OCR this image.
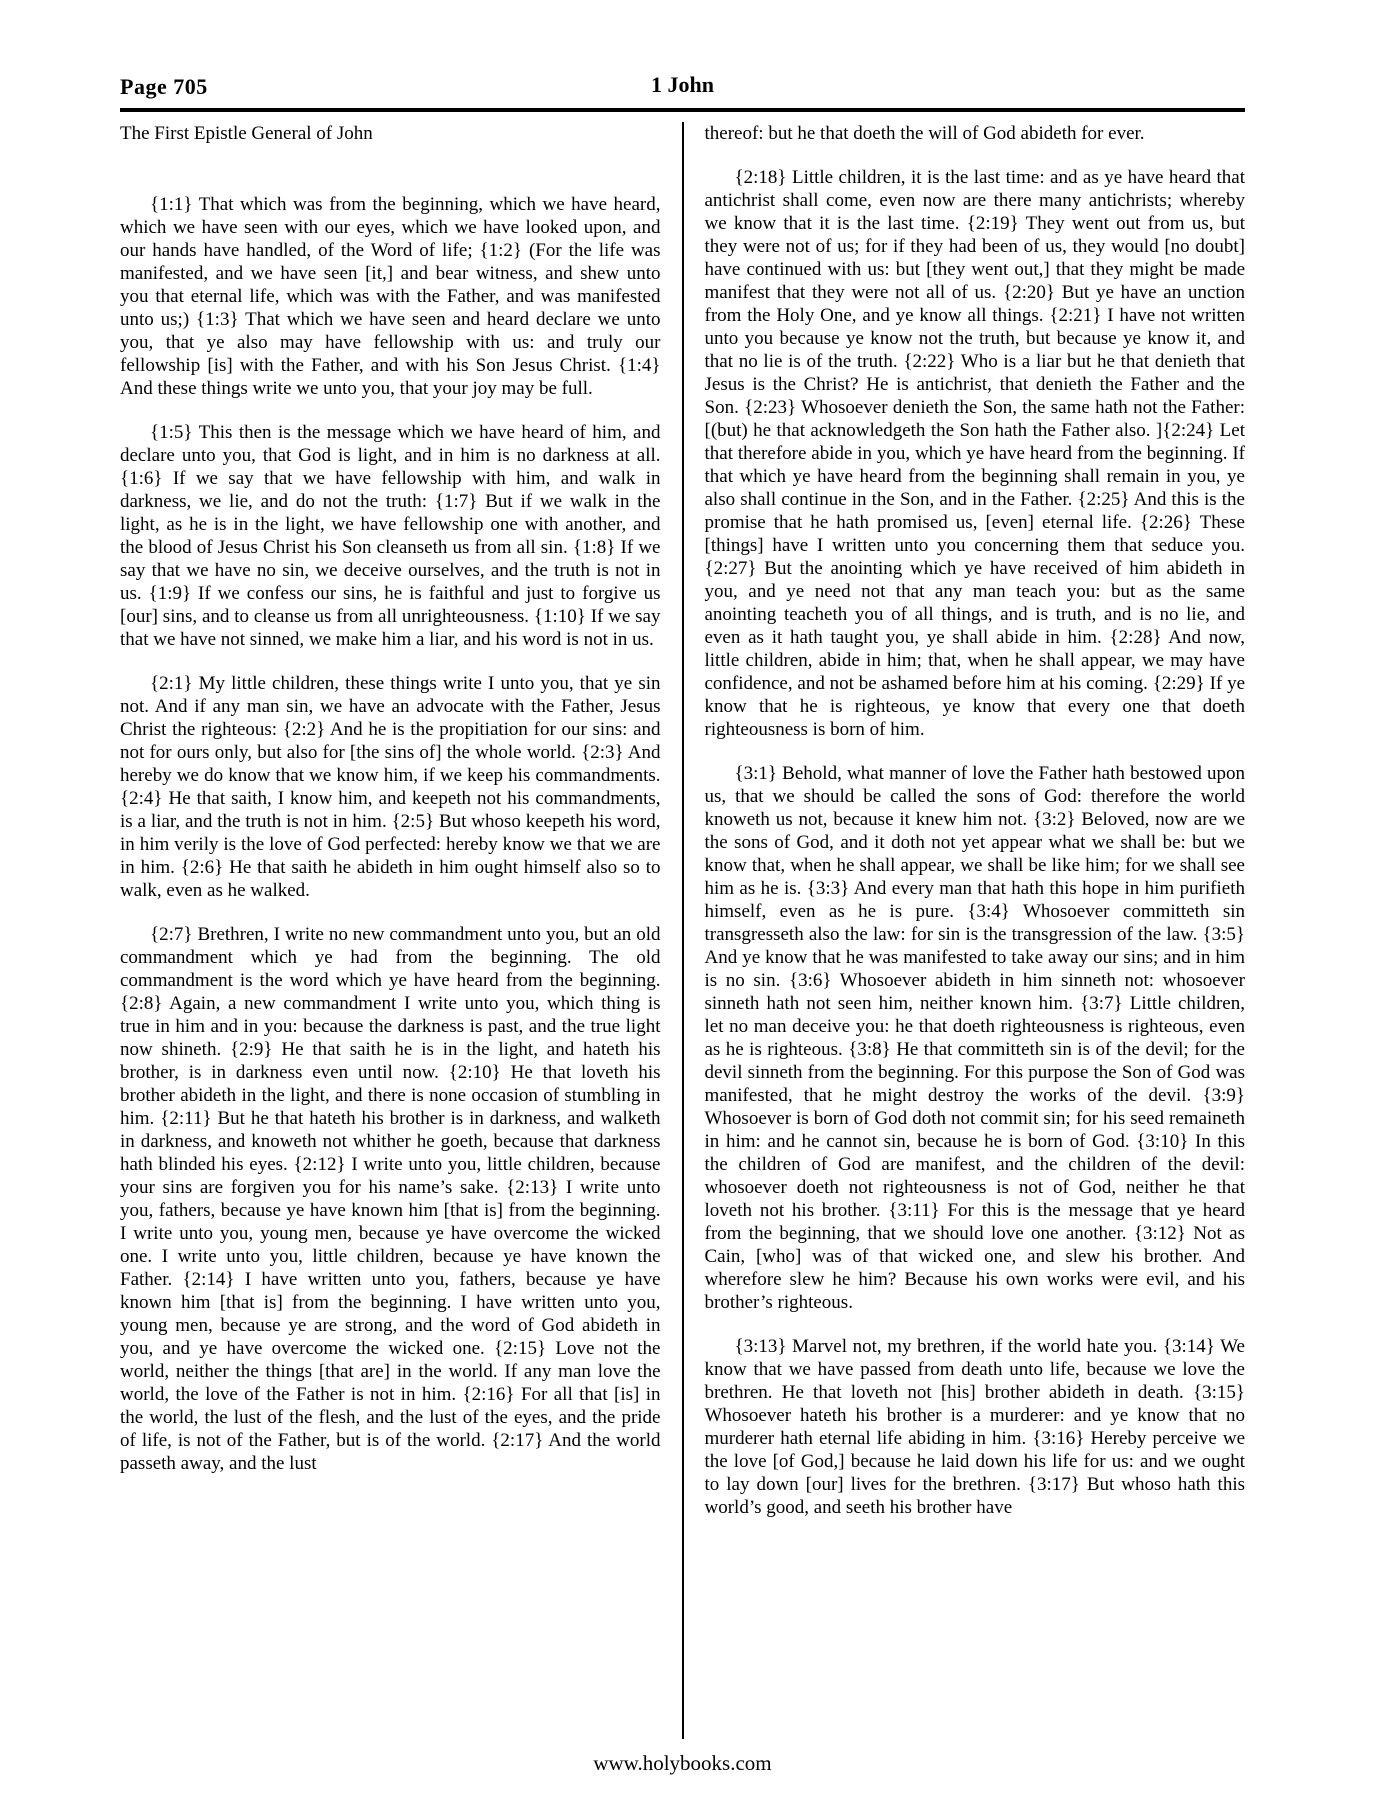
Page 705	1 John

The First Epistle General of John

{1:1} That which was from the beginning, which we have heard, which we have seen with our eyes, which we have looked upon, and our hands have handled, of the Word of life; {1:2} (For the life was manifested, and we have seen [it,] and bear witness, and shew unto you that eternal life, which was with the Father, and was manifested unto us;) {1:3} That which we have seen and heard declare we unto you, that ye also may have fellowship with us: and truly our fellowship [is] with the Father, and with his Son Jesus Christ. {1:4} And these things write we unto you, that your joy may be full.

{1:5} This then is the message which we have heard of him, and declare unto you, that God is light, and in him is no darkness at all. {1:6} If we say that we have fellowship with him, and walk in darkness, we lie, and do not the truth: {1:7} But if we walk in the light, as he is in the light, we have fellowship one with another, and the blood of Jesus Christ his Son cleanseth us from all sin. {1:8} If we say that we have no sin, we deceive ourselves, and the truth is not in us. {1:9} If we confess our sins, he is faithful and just to forgive us [our] sins, and to cleanse us from all unrighteousness. {1:10} If we say that we have not sinned, we make him a liar, and his word is not in us.

{2:1} My little children, these things write I unto you, that ye sin not. And if any man sin, we have an advocate with the Father, Jesus Christ the righteous: {2:2} And he is the propitiation for our sins: and not for ours only, but also for [the sins of] the whole world. {2:3} And hereby we do know that we know him, if we keep his commandments. {2:4} He that saith, I know him, and keepeth not his commandments, is a liar, and the truth is not in him. {2:5} But whoso keepeth his word, in him verily is the love of God perfected: hereby know we that we are in him. {2:6} He that saith he abideth in him ought himself also so to walk, even as he walked.

{2:7} Brethren, I write no new commandment unto you, but an old commandment which ye had from the beginning. The old commandment is the word which ye have heard from the beginning. {2:8} Again, a new commandment I write unto you, which thing is true in him and in you: because the darkness is past, and the true light now shineth. {2:9} He that saith he is in the light, and hateth his brother, is in darkness even until now. {2:10} He that loveth his brother abideth in the light, and there is none occasion of stumbling in him. {2:11} But he that hateth his brother is in darkness, and walketh in darkness, and knoweth not whither he goeth, because that darkness hath blinded his eyes. {2:12} I write unto you, little children, because your sins are forgiven you for his name’s sake. {2:13} I write unto you, fathers, because ye have known him [that is] from the beginning. I write unto you, young men, because ye have overcome the wicked one. I write unto you, little children, because ye have known the Father. {2:14} I have written unto you, fathers, because ye have known him [that is] from the beginning. I have written unto you, young men, because ye are strong, and the word of God abideth in you, and ye have overcome the wicked one. {2:15} Love not the world, neither the things [that are] in the world. If any man love the world, the love of the Father is not in him. {2:16} For all that [is] in the world, the lust of the flesh, and the lust of the eyes, and the pride of life, is not of the Father, but is of the world. {2:17} And the world passeth away, and the lust

thereof: but he that doeth the will of God abideth for ever.

{2:18} Little children, it is the last time: and as ye have heard that antichrist shall come, even now are there many antichrists; whereby we know that it is the last time. {2:19} They went out from us, but they were not of us; for if they had been of us, they would [no doubt] have continued with us: but [they went out,] that they might be made manifest that they were not all of us. {2:20} But ye have an unction from the Holy One, and ye know all things. {2:21} I have not written unto you because ye know not the truth, but because ye know it, and that no lie is of the truth. {2:22} Who is a liar but he that denieth that Jesus is the Christ? He is antichrist, that denieth the Father and the Son. {2:23} Whosoever denieth the Son, the same hath not the Father: [(but) he that acknowledgeth the Son hath the Father also. ]{2:24} Let that therefore abide in you, which ye have heard from the beginning. If that which ye have heard from the beginning shall remain in you, ye also shall continue in the Son, and in the Father. {2:25} And this is the promise that he hath promised us, [even] eternal life. {2:26} These [things] have I written unto you concerning them that seduce you. {2:27} But the anointing which ye have received of him abideth in you, and ye need not that any man teach you: but as the same anointing teacheth you of all things, and is truth, and is no lie, and even as it hath taught you, ye shall abide in him. {2:28} And now, little children, abide in him; that, when he shall appear, we may have confidence, and not be ashamed before him at his coming. {2:29} If ye know that he is righteous, ye know that every one that doeth righteousness is born of him.

{3:1} Behold, what manner of love the Father hath bestowed upon us, that we should be called the sons of God: therefore the world knoweth us not, because it knew him not. {3:2} Beloved, now are we the sons of God, and it doth not yet appear what we shall be: but we know that, when he shall appear, we shall be like him; for we shall see him as he is. {3:3} And every man that hath this hope in him purifieth himself, even as he is pure. {3:4} Whosoever committeth sin transgresseth also the law: for sin is the transgression of the law. {3:5} And ye know that he was manifested to take away our sins; and in him is no sin. {3:6} Whosoever abideth in him sinneth not: whosoever sinneth hath not seen him, neither known him. {3:7} Little children, let no man deceive you: he that doeth righteousness is righteous, even as he is righteous. {3:8} He that committeth sin is of the devil; for the devil sinneth from the beginning. For this purpose the Son of God was manifested, that he might destroy the works of the devil. {3:9} Whosoever is born of God doth not commit sin; for his seed remaineth in him: and he cannot sin, because he is born of God. {3:10} In this the children of God are manifest, and the children of the devil: whosoever doeth not righteousness is not of God, neither he that loveth not his brother. {3:11} For this is the message that ye heard from the beginning, that we should love one another. {3:12} Not as Cain, [who] was of that wicked one, and slew his brother. And wherefore slew he him? Because his own works were evil, and his brother’s righteous.

{3:13} Marvel not, my brethren, if the world hate you. {3:14} We know that we have passed from death unto life, because we love the brethren. He that loveth not [his] brother abideth in death. {3:15} Whosoever hateth his brother is a murderer: and ye know that no murderer hath eternal life abiding in him. {3:16} Hereby perceive we the love [of God,] because he laid down his life for us: and we ought to lay down [our] lives for the brethren. {3:17} But whoso hath this world’s good, and seeth his brother have

www.holybooks.com
